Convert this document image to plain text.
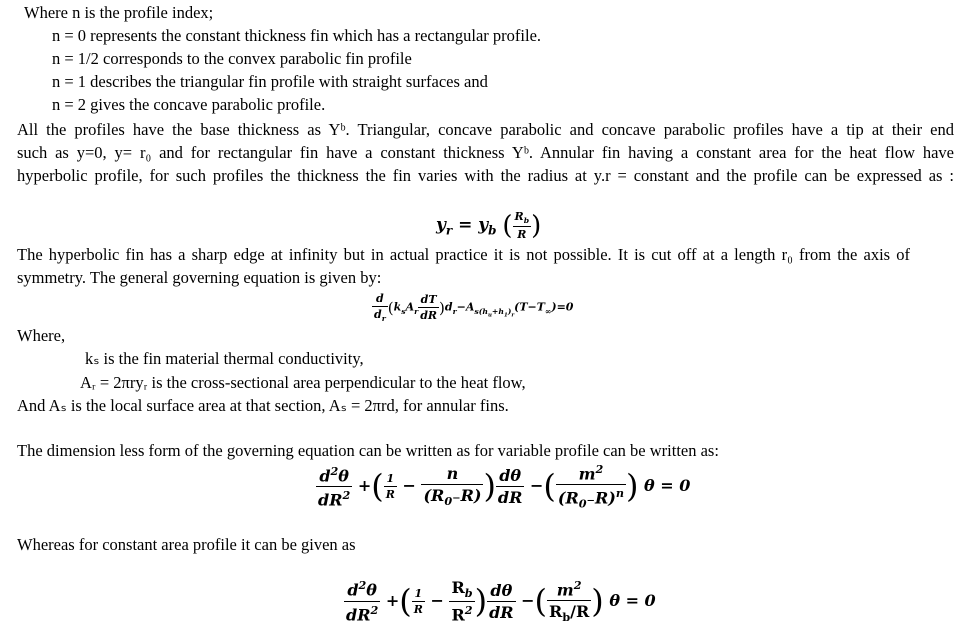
Where n is the profile index;
n = 0 represents the constant thickness fin which has a rectangular profile.
n = 1/2 corresponds to the convex parabolic fin profile
n = 1 describes the triangular fin profile with straight surfaces and
n = 2 gives the concave parabolic profile.
All the profiles have the base thickness as Yᵇ. Triangular, concave parabolic and concave parabolic profiles have a tip at their end
such as y=0, y= r₀ and for rectangular fin have a constant thickness Yᵇ. Annular fin having a constant area for the heat flow have
hyperbolic profile, for such profiles the thickness the fin varies with the radius at y.r = constant and the profile can be expressed as :
$y_r = y_b$ ( $\frac{R_b}{R}$ )
The hyperbolic fin has a sharp edge at infinity but in actual practice it is not possible. It is cut off at a length r₀ from the axis of
symmetry. The general governing equation is given by:
$\frac{d}{d_r} (k_sA_r \frac{dT}{dR} )d_r-A_{s(h_u+h_1)_r}(T-T_\infty)=0$
Where,
kₛ is the fin material thermal conductivity,
Aᵣ = 2πryᵣ is the cross-sectional area perpendicular to the heat flow,
And Aₛ is the local surface area at that section, Aₛ = 2πrd, for annular fins.
The dimension less form of the governing equation can be written as for variable profile can be written as:
$\frac{d^2\theta}{dR^2}$ +( $\frac{1}{R} - \frac{n}{(R_0_-R)}$ ) $\frac{d\theta}{dR}$ −( $\frac{m^2}{(R_0_-R)^n}$ ) θ = 0
Whereas for constant area profile it can be given as
$\frac{d^2\theta}{dR^2}$ +( $\frac{1}{R} - \frac{R_b}{R^2}$ ) $\frac{d\theta}{dR}$ −( $\frac{m^2}{R_b/R}$ ) θ = 0
